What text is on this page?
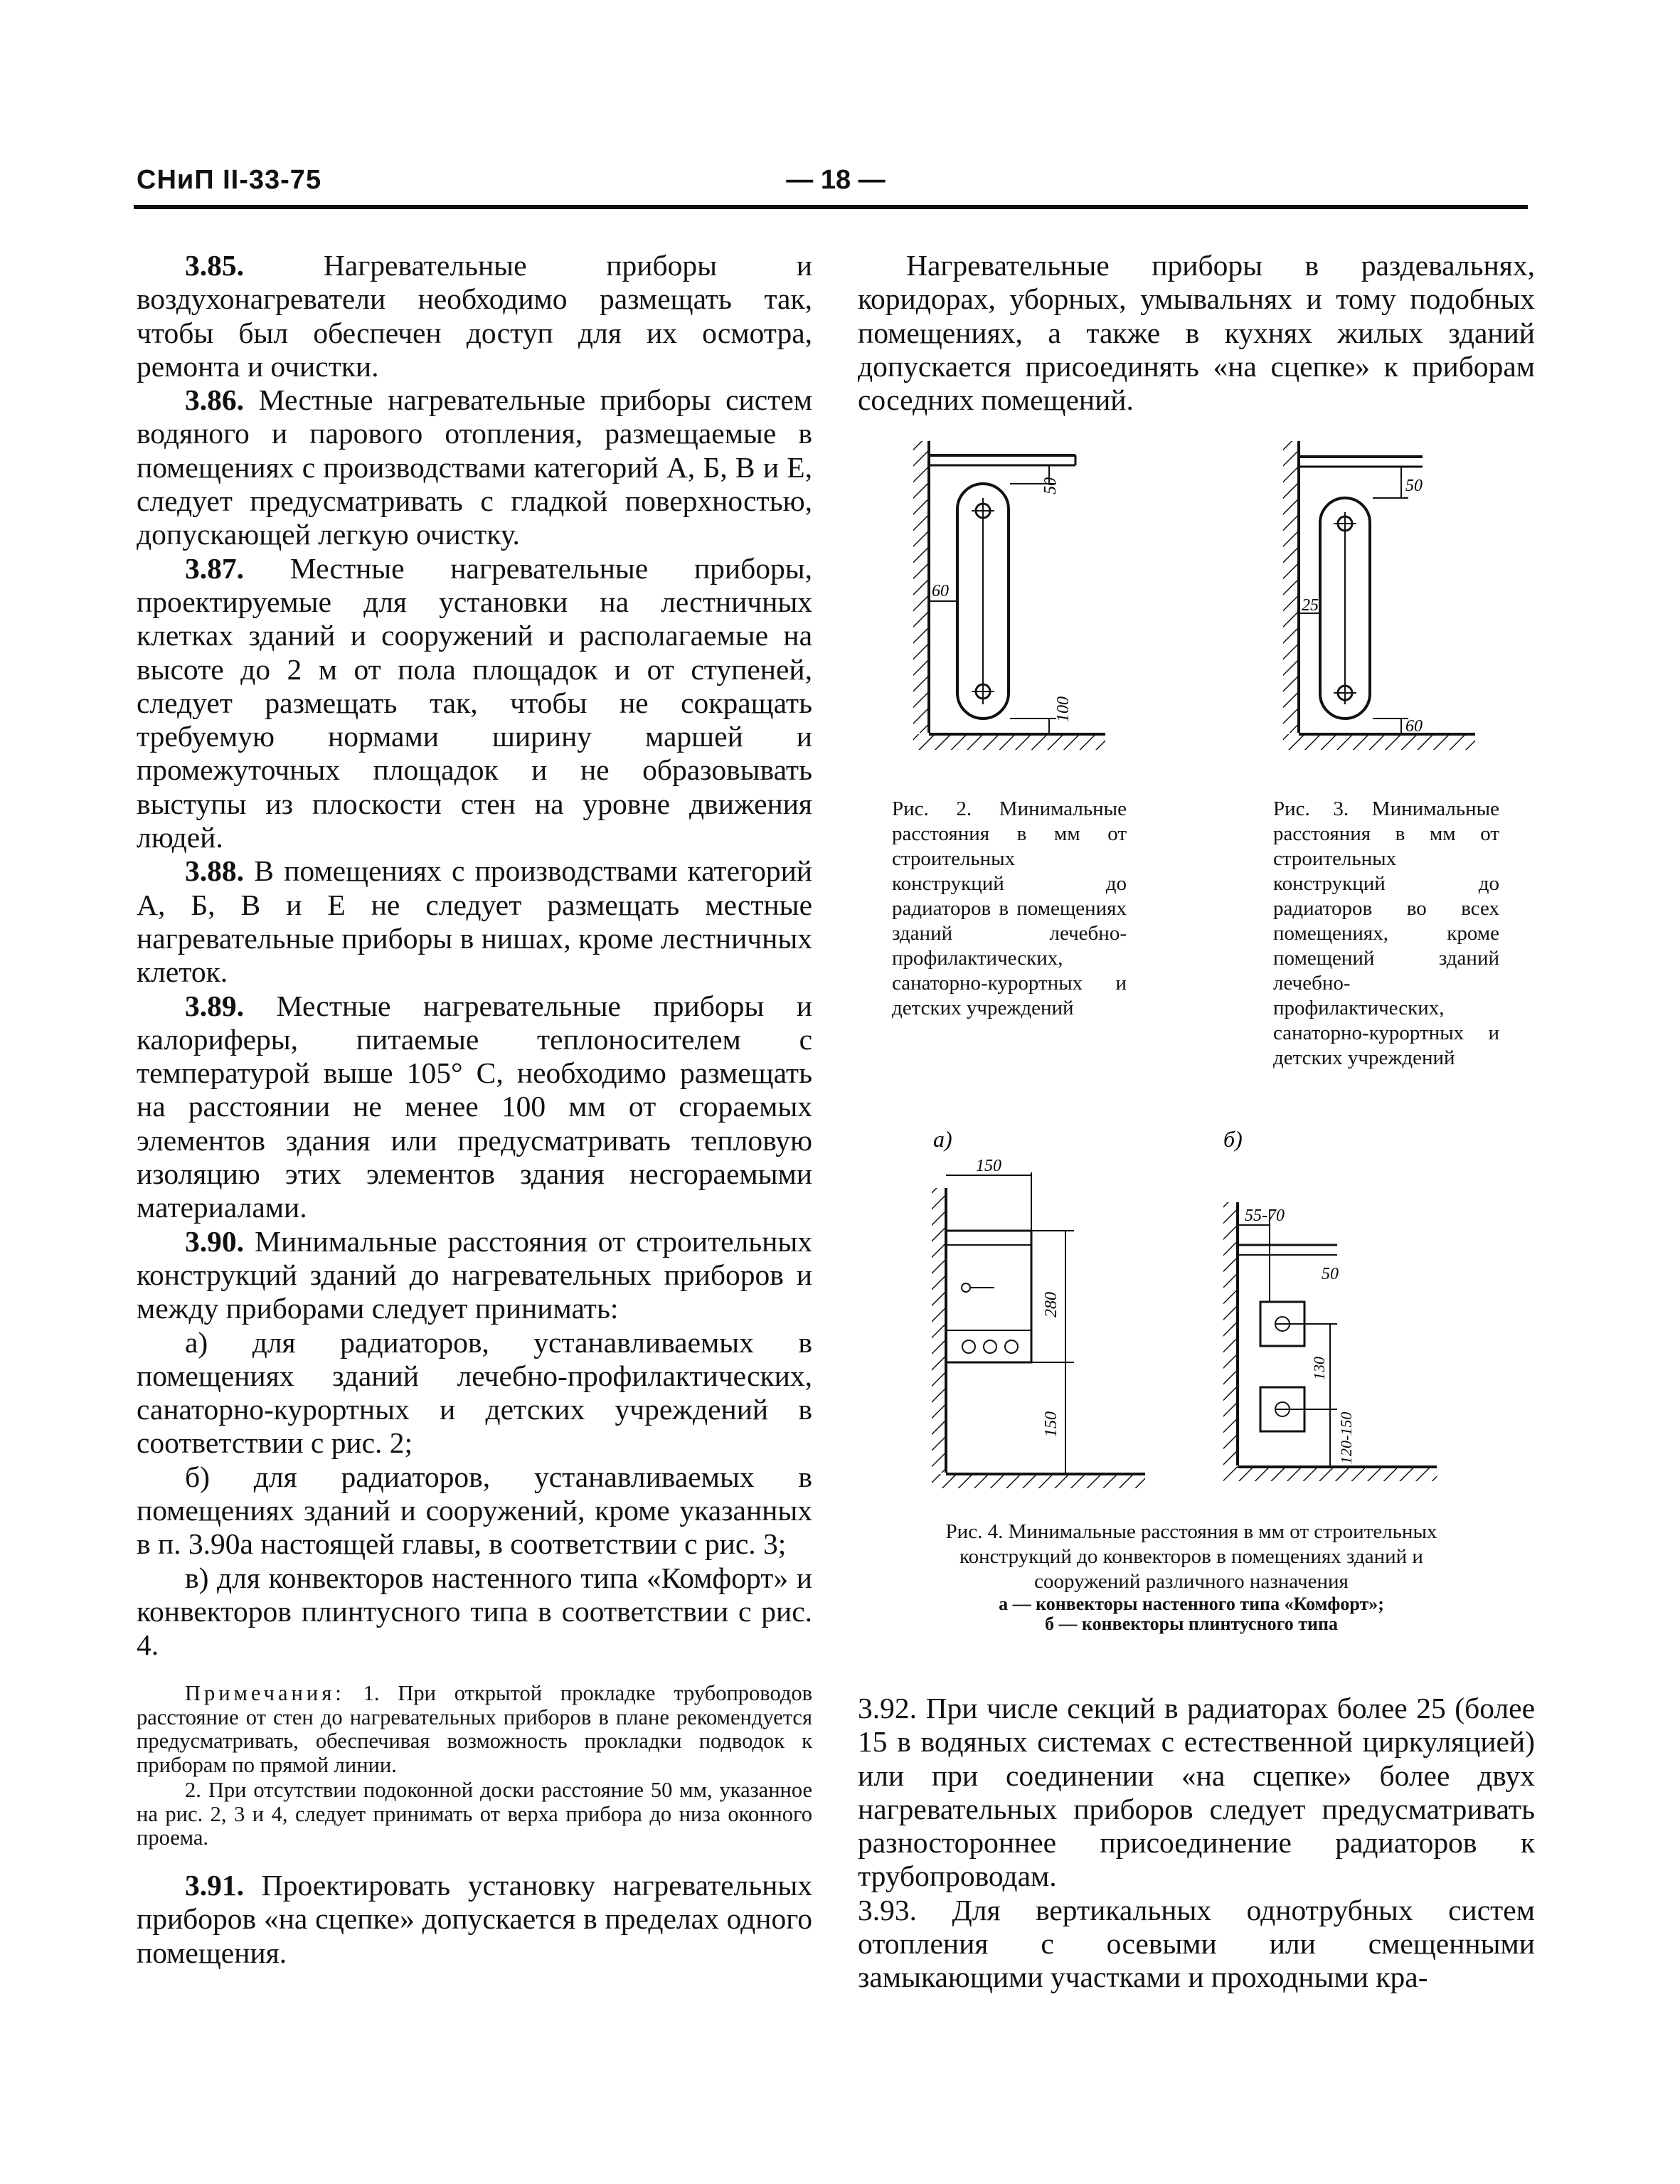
СНиП II-33-75	— 18 —

3.85.	Нагревательные приборы и воздухонагреватели необходимо размещать так, чтобы был обеспечен доступ для их осмотра, ремонта и очистки.

3.86. Местные нагревательные приборы систем водяного и парового отопления, размещаемые в помещениях с производствами категорий А, Б, В и Е, следует предусматривать с гладкой поверхностью, допускающей легкую очистку.

3.87. Местные нагревательные приборы, проектируемые для установки на лестничных клетках зданий и сооружений и располагаемые на высоте до 2 м от пола площадок и от ступеней, следует размещать так, чтобы не сокращать требуемую нормами ширину маршей и промежуточных площадок и не образовывать выступы из плоскости стен на уровне движения людей.

3.88. В помещениях с производствами категорий А, Б, В и Е не следует размещать местные нагревательные приборы в нишах, кроме лестничных клеток.

3.89. Местные нагревательные приборы и калориферы, питаемые теплоносителем с температурой выше 105° С, необходимо размещать на расстоянии не менее 100 мм от сгораемых элементов здания или предусматривать тепловую изоляцию этих элементов здания несгораемыми материалами.

3.90. Минимальные расстояния от строительных конструкций зданий до нагревательных приборов и между приборами следует принимать:

а) для радиаторов, устанавливаемых в помещениях зданий лечебно-профилактических, санаторно-курортных и детских учреждений в соответствии с рис. 2;

б) для радиаторов, устанавливаемых в помещениях зданий и сооружений, кроме указанных в п. 3.90а настоящей главы, в соответствии с рис. 3;

в) для конвекторов настенного типа «Комфорт» и конвекторов плинтусного типа в соответствии с рис. 4.

Примечания: 1. При открытой прокладке трубопроводов расстояние от стен до нагревательных приборов в плане рекомендуется предусматривать, обеспечивая возможность прокладки подводок к приборам по прямой линии.

2. При отсутствии подоконной доски расстояние 50 мм, указанное на рис. 2, 3 и 4, следует принимать от верха прибора до низа оконного проема.

3.91. Проектировать установку нагревательных приборов «на сцепке» допускается в пределах одного помещения.

Нагревательные приборы в раздевальнях, коридорах, уборных, умывальнях и тому подобных помещениях, а также в кухнях жилых зданий допускается присоединять «на сцепке» к приборам соседних помещений.

50
60
100
50
25
60
Рис. 2. Минимальные расстояния в мм от строительных конструкций до радиаторов в помещениях зданий лечебно-профилактических, санаторно-курортных и детских учреждений
Рис. 3. Минимальные расстояния в мм от строительных конструкций до радиаторов во всех помещениях, кроме помещений зданий лечебно-профилактических, санаторно-курортных и детских учреждений
а)
150
280
150
б)
55-70
50
130
120-150
Рис. 4. Минимальные расстояния в мм от строительных конструкций до конвекторов в помещениях зданий и сооружений различного назначения
а — конвекторы настенного типа «Комфорт»;
б — конвекторы плинтусного типа

3.92. При числе секций в радиаторах более 25 (более 15 в водяных системах с естественной циркуляцией) или при соединении «на сцепке» более двух нагревательных приборов следует предусматривать разностороннее присоединение радиаторов к трубопроводам.

3.93. Для вертикальных однотрубных систем отопления с осевыми или смещенными замыкающими участками и проходными кра-
